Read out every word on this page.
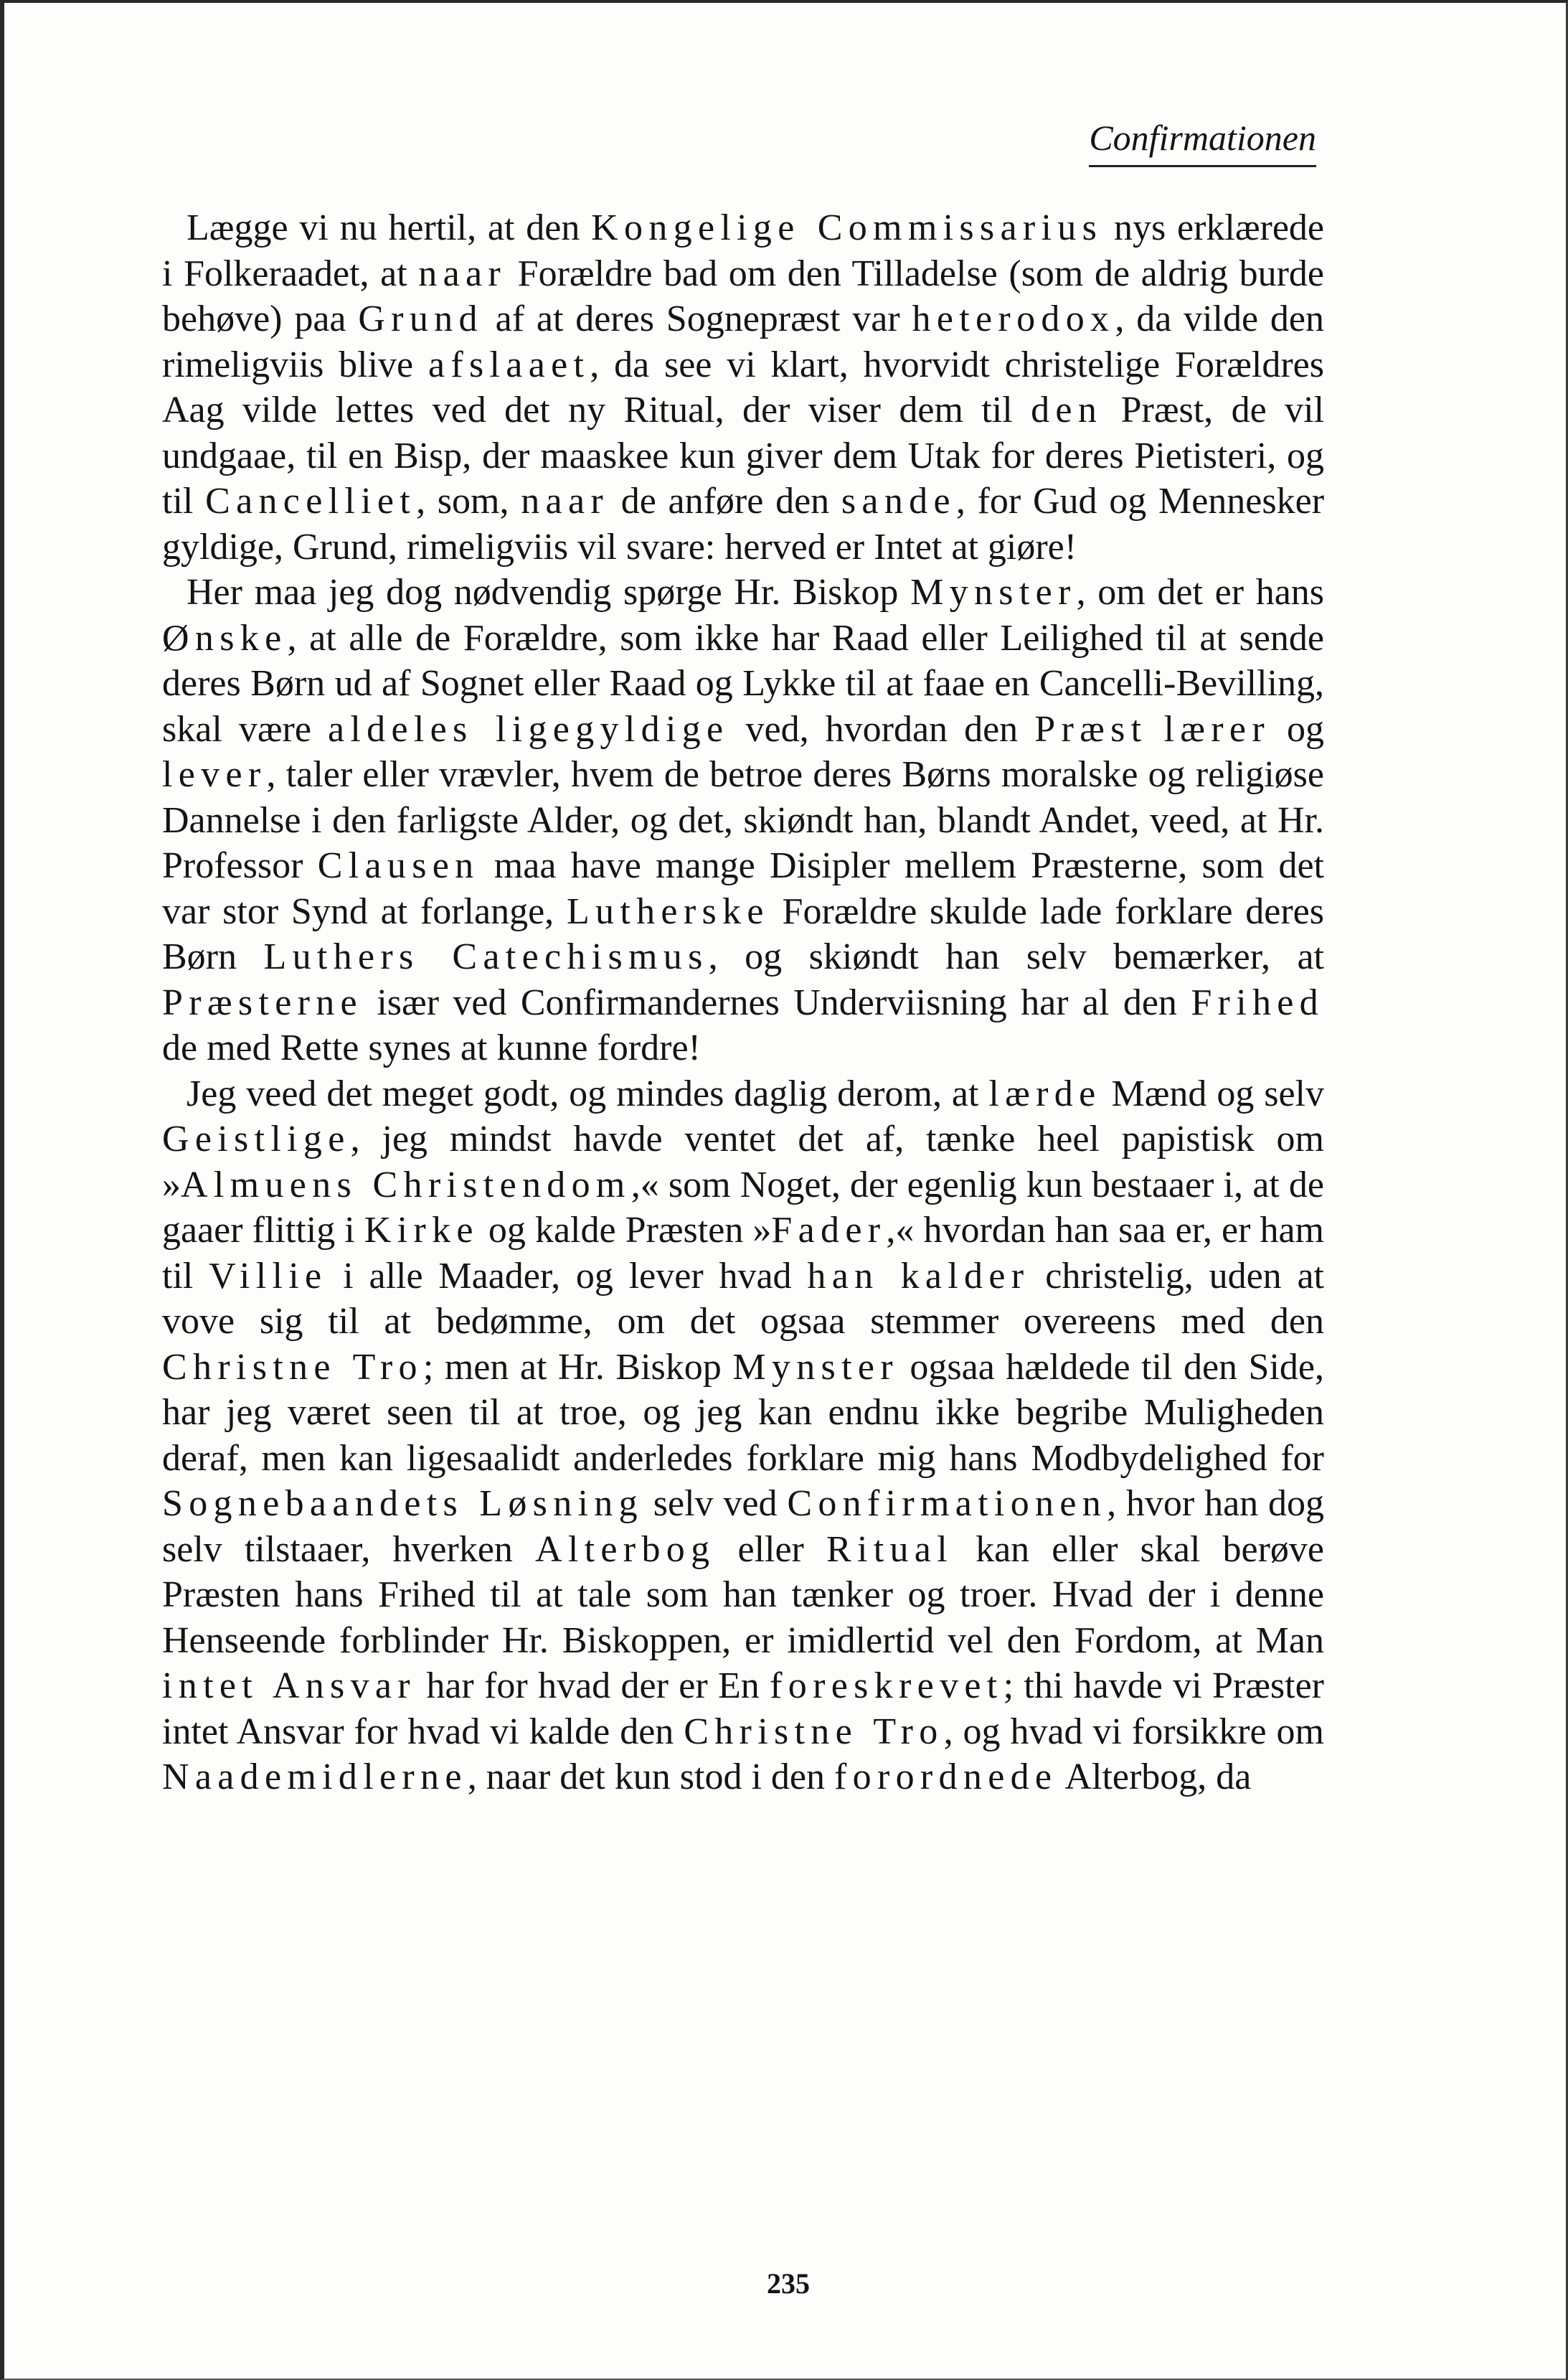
Confirmationen

Lægge vi nu hertil, at den Kongelige Commissarius nys erklærede i Folkeraadet, at naar Forældre bad om den Tilladelse (som de aldrig burde behøve) paa Grund af at deres Sognepræst var heterodox, da vilde den rimeligviis blive afslaaet, da see vi klart, hvorvidt christelige Forældres Aag vilde lettes ved det ny Ritual, der viser dem til den Præst, de vil undgaae, til en Bisp, der maaskee kun giver dem Utak for deres Pietisteri, og til Cancelliet, som, naar de anføre den sande, for Gud og Mennesker gyldige, Grund, rimeligviis vil svare: herved er Intet at giøre!

Her maa jeg dog nødvendig spørge Hr. Biskop Mynster, om det er hans Ønske, at alle de Forældre, som ikke har Raad eller Leilighed til at sende deres Børn ud af Sognet eller Raad og Lykke til at faae en Cancelli-Bevilling, skal være aldeles ligegyldige ved, hvordan den Præst lærer og lever, taler eller vrævler, hvem de betroe deres Børns moralske og religiøse Dannelse i den farligste Alder, og det, skiøndt han, blandt Andet, veed, at Hr. Professor Clausen maa have mange Disipler mellem Præsterne, som det var stor Synd at forlange, Lutherske Forældre skulde lade forklare deres Børn Luthers Catechismus, og skiøndt han selv bemærker, at Præsterne især ved Confirmandernes Underviisning har al den Frihed de med Rette synes at kunne fordre!

Jeg veed det meget godt, og mindes daglig derom, at lærde Mænd og selv Geistlige, jeg mindst havde ventet det af, tænke heel papistisk om »Almuens Christendom,« som Noget, der egenlig kun bestaaer i, at de gaaer flittig i Kirke og kalde Præsten »Fader,« hvordan han saa er, er ham til Villie i alle Maader, og lever hvad han kalder christelig, uden at vove sig til at bedømme, om det ogsaa stemmer overeens med den Christne Tro; men at Hr. Biskop Mynster ogsaa hældede til den Side, har jeg været seen til at troe, og jeg kan endnu ikke begribe Muligheden deraf, men kan ligesaalidt anderledes forklare mig hans Modbydelighed for Sognebaandets Løsning selv ved Confirmationen, hvor han dog selv tilstaaer, hverken Alterbog eller Ritual kan eller skal berøve Præsten hans Frihed til at tale som han tænker og troer. Hvad der i denne Henseende forblinder Hr. Biskoppen, er imidlertid vel den Fordom, at Man intet Ansvar har for hvad der er En foreskrevet; thi havde vi Præster intet Ansvar for hvad vi kalde den Christne Tro, og hvad vi forsikkre om Naademidlerne, naar det kun stod i den forordnede Alterbog, da

235
